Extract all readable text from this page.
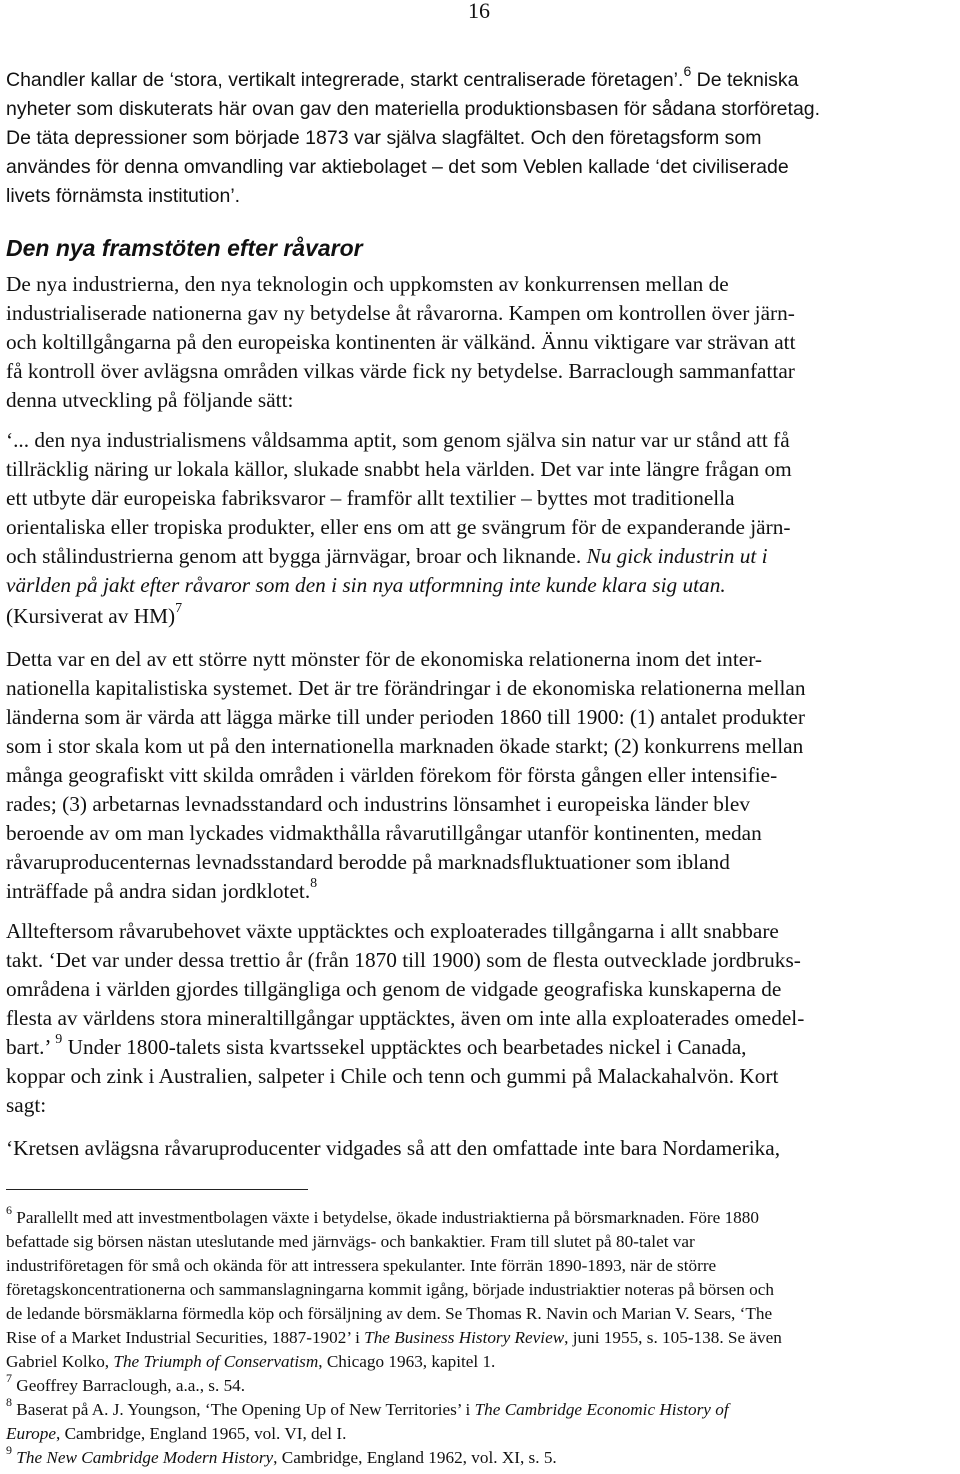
16
Chandler kallar de ‘stora, vertikalt integrerade, starkt centraliserade företagen’.$^6$ De tekniska
nyheter som diskuterats här ovan gav den materiella produktionsbasen för sådana storföretag.
De täta depressioner som började 1873 var själva slagfältet. Och den företagsform som
användes för denna omvandling var aktiebolaget – det som Veblen kallade ‘det civiliserade
livets förnämsta institution’.
Den nya framstöten efter råvaror
De nya industrierna, den nya teknologin och uppkomsten av konkurrensen mellan de
industrialiserade nationerna gav ny betydelse åt råvarorna. Kampen om kontrollen över järn-
och koltillgångarna på den europeiska kontinenten är välkänd. Ännu viktigare var strävan att
få kontroll över avlägsna områden vilkas värde fick ny betydelse. Barraclough sammanfattar
denna utveckling på följande sätt:
‘... den nya industrialismens våldsamma aptit, som genom själva sin natur var ur stånd att få
tillräcklig näring ur lokala källor, slukade snabbt hela världen. Det var inte längre frågan om
ett utbyte där europeiska fabriksvaror – framför allt textilier – byttes mot traditionella
orientaliska eller tropiska produkter, eller ens om att ge svängrum för de expanderande järn-
och stålindustrierna genom att bygga järnvägar, broar och liknande. Nu gick industrin ut i
världen på jakt efter råvaror som den i sin nya utformning inte kunde klara sig utan.
(Kursiverat av HM)$^7$
Detta var en del av ett större nytt mönster för de ekonomiska relationerna inom det inter-
nationella kapitalistiska systemet. Det är tre förändringar i de ekonomiska relationerna mellan
länderna som är värda att lägga märke till under perioden 1860 till 1900: (1) antalet produkter
som i stor skala kom ut på den internationella marknaden ökade starkt; (2) konkurrens mellan
många geografiskt vitt skilda områden i världen förekom för första gången eller intensifie-
rades; (3) arbetarnas levnadsstandard och industrins lönsamhet i europeiska länder blev
beroende av om man lyckades vidmakthålla råvarutillgångar utanför kontinenten, medan
råvaruproducenternas levnadsstandard berodde på marknadsfluktuationer som ibland
inträffade på andra sidan jordklotet.$^8$
Allteftersom råvarubehovet växte upptäcktes och exploaterades tillgångarna i allt snabbare
takt. ‘Det var under dessa trettio år (från 1870 till 1900) som de flesta outvecklade jordbruks-
områdena i världen gjordes tillgängliga och genom de vidgade geografiska kunskaperna de
flesta av världens stora mineraltillgångar upptäcktes, även om inte alla exploaterades omedel-
bart.’ $^9$ Under 1800-talets sista kvartssekel upptäcktes och bearbetades nickel i Canada,
koppar och zink i Australien, salpeter i Chile och tenn och gummi på Malackahalvön. Kort
sagt:
‘Kretsen avlägsna råvaruproducenter vidgades så att den omfattade inte bara Nordamerika,
$^6$ Parallellt med att investmentbolagen växte i betydelse, ökade industriaktierna på börsmarknaden. Före 1880
befattade sig börsen nästan uteslutande med järnvägs- och bankaktier. Fram till slutet på 80-talet var
industriföretagen för små och okända för att intressera spekulanter. Inte förrän 1890-1893, när de större
företagskoncentrationerna och sammanslagningarna kommit igång, började industriaktier noteras på börsen och
de ledande börsmäklarna förmedla köp och försäljning av dem. Se Thomas R. Navin och Marian V. Sears, ‘The
Rise of a Market Industrial Securities, 1887-1902’ i The Business History Review, juni 1955, s. 105-138. Se även
Gabriel Kolko, The Triumph of Conservatism, Chicago 1963, kapitel 1.
$^7$ Geoffrey Barraclough, a.a., s. 54.
$^8$ Baserat på A. J. Youngson, ‘The Opening Up of New Territories’ i The Cambridge Economic History of
Europe, Cambridge, England 1965, vol. VI, del I.
$^9$ The New Cambridge Modern History, Cambridge, England 1962, vol. XI, s. 5.
